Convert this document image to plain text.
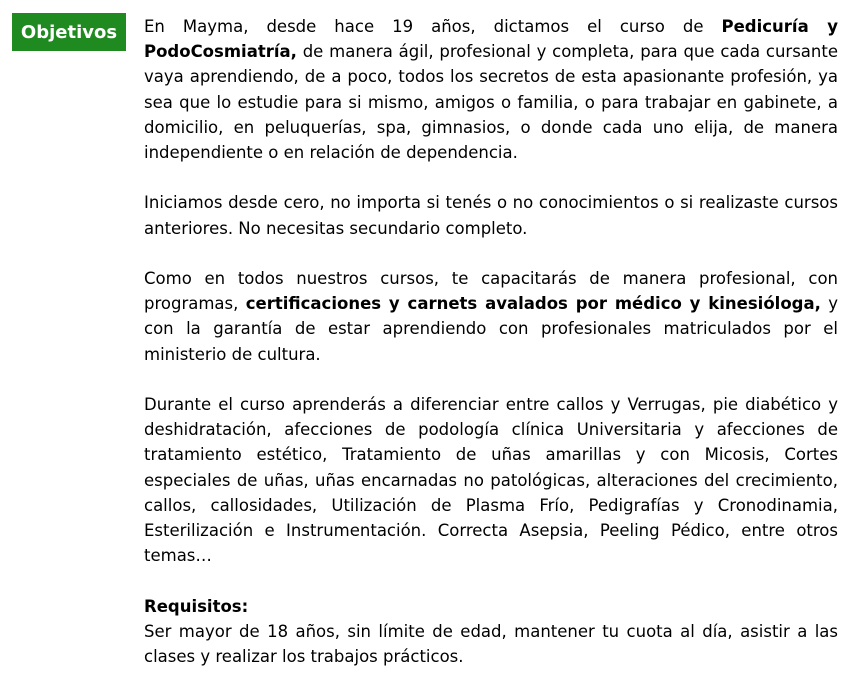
Objetivos En Mayma, desde hace 19 años, dictamos el curso de Pedicuría y PodoCosmiatría, de manera ágil, profesional y completa, para que cada cursante vaya aprendiendo, de a poco, todos los secretos de esta apasionante profesión, ya sea que lo estudie para si mismo, amigos o familia, o para trabajar en gabinete, a domicilio, en peluquerías, spa, gimnasios, o donde cada uno elija, de manera independiente o en relación de dependencia.

Iniciamos desde cero, no importa si tenés o no conocimientos o si realizaste cursos anteriores. No necesitas secundario completo.

Como en todos nuestros cursos, te capacitarás de manera profesional, con programas, certificaciones y carnets avalados por médico y kinesióloga, y con la garantía de estar aprendiendo con profesionales matriculados por el ministerio de cultura.

Durante el curso aprenderás a diferenciar entre callos y Verrugas, pie diabético y deshidratación, afecciones de podología clínica Universitaria y afecciones de tratamiento estético, Tratamiento de uñas amarillas y con Micosis, Cortes especiales de uñas, uñas encarnadas no patológicas, alteraciones del crecimiento, callos, callosidades, Utilización de Plasma Frío, Pedigrafías y Cronodinamia, Esterilización e Instrumentación. Correcta Asepsia, Peeling Pédico, entre otros temas…

Requisitos:
Ser mayor de 18 años, sin límite de edad, mantener tu cuota al día, asistir a las clases y realizar los trabajos prácticos.
